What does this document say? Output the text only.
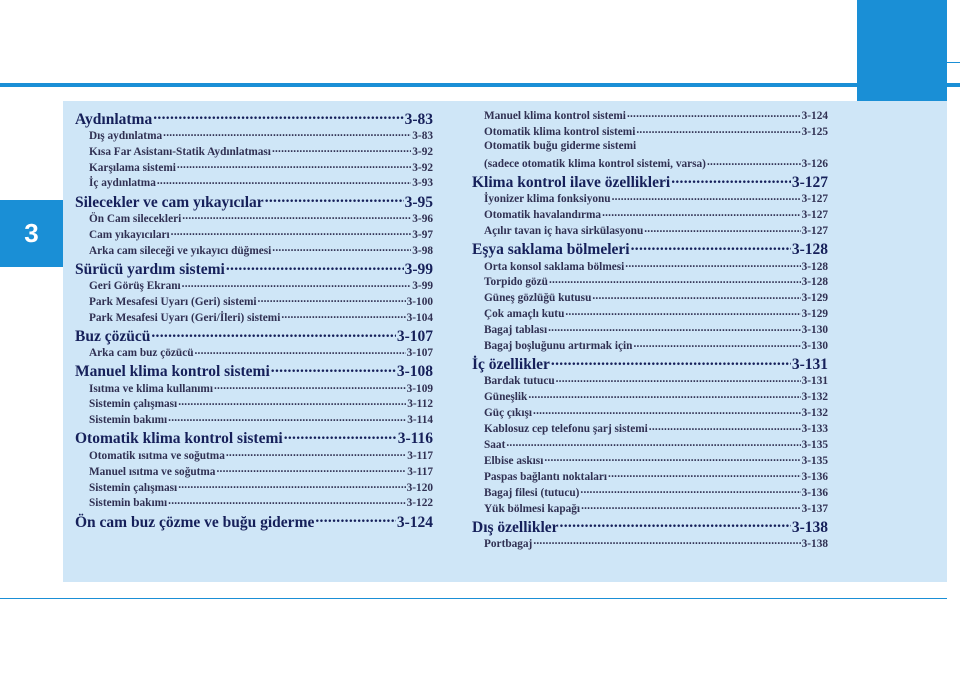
3
Aydınlatma .....	3-83
Dış aydınlatma .....	3-83
Kısa Far Asistanı-Statik Aydınlatması .....	3-92
Karşılama sistemi .....	3-92
İç aydınlatma .....	3-93
Silecekler ve cam yıkayıcılar .....	3-95
Ön Cam silecekleri .....	3-96
Cam yıkayıcıları .....	3-97
Arka cam sileceği ve yıkayıcı düğmesi .....	3-98
Sürücü yardım sistemi .....	3-99
Geri Görüş Ekranı .....	3-99
Park Mesafesi Uyarı (Geri) sistemi .....	3-100
Park Mesafesi Uyarı (Geri/İleri) sistemi .....	3-104
Buz çözücü .....	3-107
Arka cam buz çözücü .....	3-107
Manuel klima kontrol sistemi .....	3-108
Isıtma ve klima kullanımı .....	3-109
Sistemin çalışması .....	3-112
Sistemin bakımı .....	3-114
Otomatik klima kontrol sistemi .....	3-116
Otomatik ısıtma ve soğutma .....	3-117
Manuel ısıtma ve soğutma .....	3-117
Sistemin çalışması .....	3-120
Sistemin bakımı .....	3-122
Ön cam buz çözme ve buğu giderme .....	3-124
Manuel klima kontrol sistemi .....	3-124
Otomatik klima kontrol sistemi .....	3-125
Otomatik buğu giderme sistemi
(sadece otomatik klima kontrol sistemi, varsa) .....	3-126
Klima kontrol ilave özellikleri .....	3-127
İyonizer klima fonksiyonu .....	3-127
Otomatik havalandırma .....	3-127
Açılır tavan iç hava sirkülasyonu .....	3-127
Eşya saklama bölmeleri .....	3-128
Orta konsol saklama bölmesi .....	3-128
Torpido gözü .....	3-128
Güneş gözlüğü kutusu .....	3-129
Çok amaçlı kutu .....	3-129
Bagaj tablası .....	3-130
Bagaj boşluğunu artırmak için .....	3-130
İç özellikler .....	3-131
Bardak tutucu .....	3-131
Güneşlik .....	3-132
Güç çıkışı .....	3-132
Kablosuz cep telefonu şarj sistemi .....	3-133
Saat .....	3-135
Elbise askısı .....	3-135
Paspas bağlantı noktaları .....	3-136
Bagaj filesi (tutucu) .....	3-136
Yük bölmesi kapağı .....	3-137
Dış özellikler .....	3-138
Portbagaj .....	3-138
